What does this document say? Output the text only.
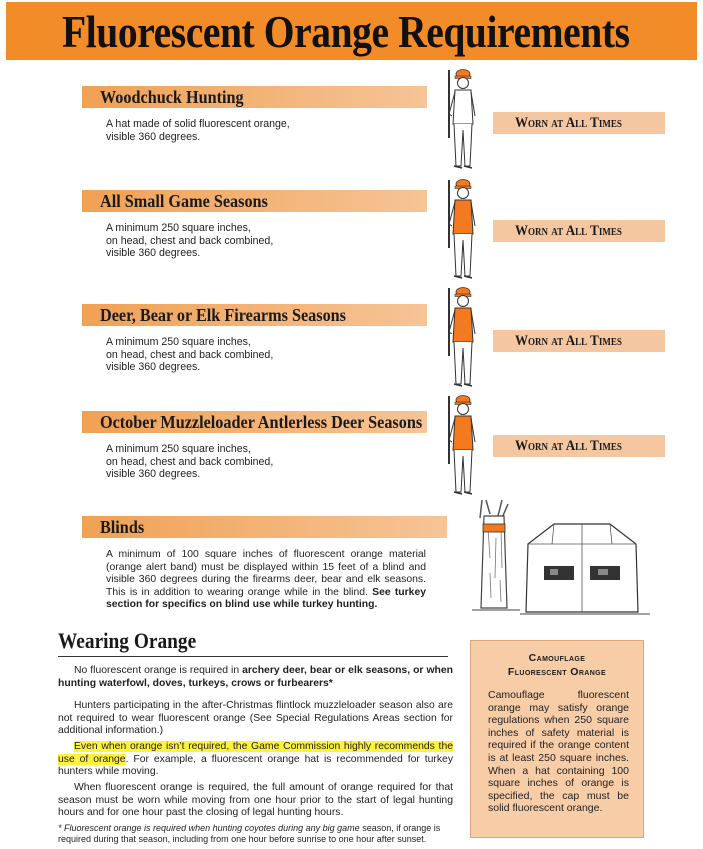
Fluorescent Orange Requirements
Woodchuck Hunting
A hat made of solid fluorescent orange,
visible 360 degrees.
All Small Game Seasons
A minimum 250 square inches,
on head, chest and back combined,
visible 360 degrees.
Deer, Bear or Elk Firearms Seasons
A minimum 250 square inches,
on head, chest and back combined,
visible 360 degrees.
October Muzzleloader Antlerless Deer Seasons
A minimum 250 square inches,
on head, chest and back combined,
visible 360 degrees.
Worn at All Times
Worn at All Times
Worn at All Times
Worn at All Times
Blinds
A minimum of 100 square inches of fluorescent orange material (orange alert band) must be displayed within 15 feet of a blind and visible 360 degrees during the firearms deer, bear and elk seasons. This is in addition to wearing orange while in the blind. See turkey section for specifics on blind use while turkey hunting.
Wearing Orange
No fluorescent orange is required in archery deer, bear or elk seasons, or when hunting waterfowl, doves, turkeys, crows or furbearers*
Hunters participating in the after-Christmas flintlock muzzleloader season also are not required to wear fluorescent orange (See Special Regulations Areas section for additional information.)
Even when orange isn’t required, the Game Commission highly recommends the use of orange. For example, a fluorescent orange hat is recommended for turkey hunters while moving.
When fluorescent orange is required, the full amount of orange required for that season must be worn while moving from one hour prior to the start of legal hunting hours and for one hour past the closing of legal hunting hours.
* Fluorescent orange is required when hunting coyotes during any big game season, if orange is required during that season, including from one hour before sunrise to one hour after sunset.
Camouflage
Fluorescent Orange
Camouflage fluorescent orange may satisfy orange regulations when 250 square inches of safety material is required if the orange content is at least 250 square inches. When a hat containing 100 square inches of orange is specified, the cap must be solid fluorescent orange.
